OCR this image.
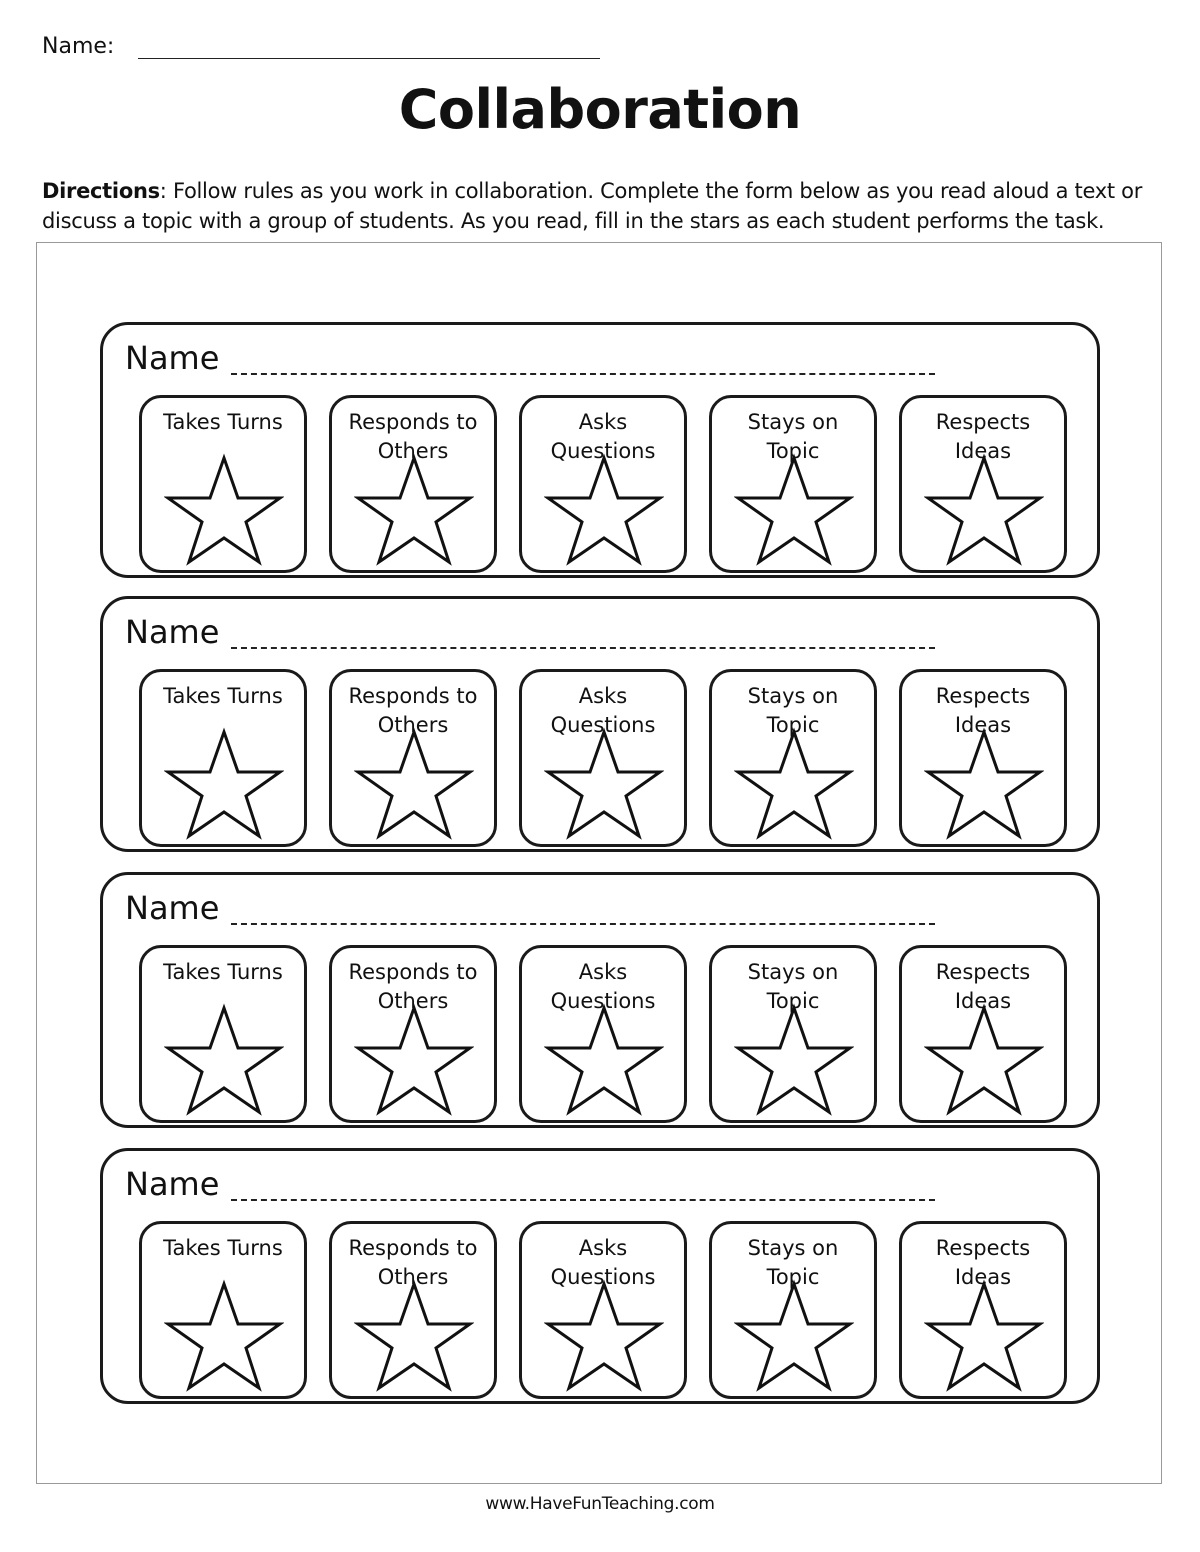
Name:
Collaboration
Directions: Follow rules as you work in collaboration. Complete the form below as you read aloud a text or discuss a topic with a group of students. As you read, fill in the stars as each student performs the task.
Name
Takes Turns	Responds to Others
Asks Questions
Stays on Topic
Respects Ideas
Name
Takes Turns	Responds to Others
Asks Questions
Stays on Topic
Respects Ideas
Name
Takes Turns	Responds to Others
Asks Questions
Stays on Topic
Respects Ideas
Name
Takes Turns	Responds to Others
Asks Questions
Stays on Topic
Respects Ideas
www.HaveFunTeaching.com
